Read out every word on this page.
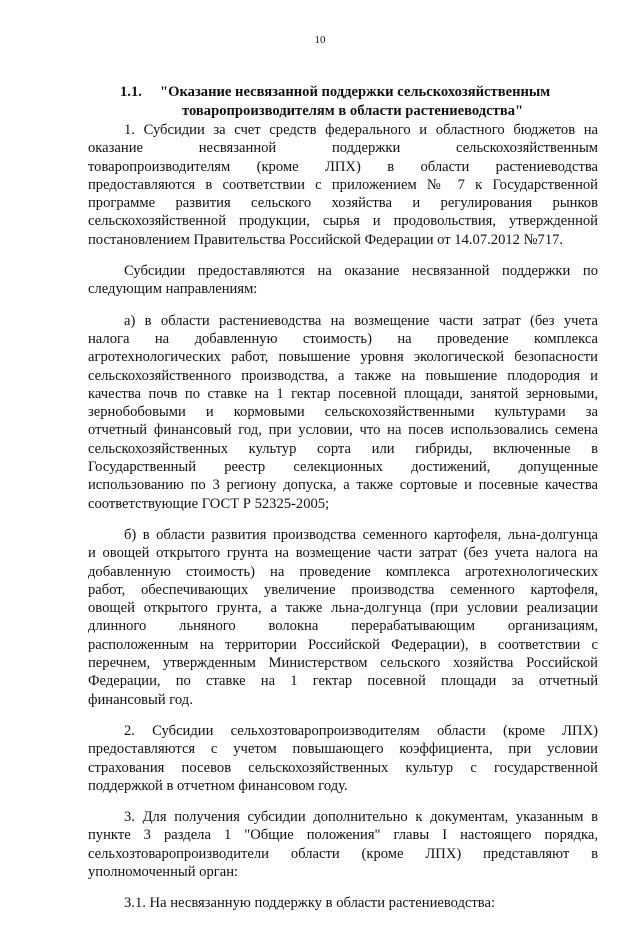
10
1.1. "Оказание несвязанной поддержки сельскохозяйственным
товаропроизводителям в области растениеводства"
1. Субсидии за счет средств федерального и областного бюджетов на
оказание несвязанной поддержки сельскохозяйственным
товаропроизводителям (кроме ЛПХ) в области растениеводства
предоставляются в соответствии с приложением № 7 к Государственной
программе развития сельского хозяйства и регулирования рынков
сельскохозяйственной продукции, сырья и продовольствия, утвержденной
постановлением Правительства Российской Федерации от 14.07.2012 №717.
Субсидии предоставляются на оказание несвязанной поддержки по
следующим направлениям:
а) в области растениеводства на возмещение части затрат (без учета
налога на добавленную стоимость) на проведение комплекса
агротехнологических работ, повышение уровня экологической безопасности
сельскохозяйственного производства, а также на повышение плодородия и
качества почв по ставке на 1 гектар посевной площади, занятой зерновыми,
зернобобовыми и кормовыми сельскохозяйственными культурами за
отчетный финансовый год, при условии, что на посев использовались семена
сельскохозяйственных культур сорта или гибриды, включенные в
Государственный реестр селекционных достижений, допущенные
использованию по 3 региону допуска, а также сортовые и посевные качества
соответствующие ГОСТ Р 52325-2005;
б) в области развития производства семенного картофеля, льна-долгунца
и овощей открытого грунта на возмещение части затрат (без учета налога на
добавленную стоимость) на проведение комплекса агротехнологических
работ, обеспечивающих увеличение производства семенного картофеля,
овощей открытого грунта, а также льна-долгунца (при условии реализации
длинного льняного волокна перерабатывающим организациям,
расположенным на территории Российской Федерации), в соответствии с
перечнем, утвержденным Министерством сельского хозяйства Российской
Федерации, по ставке на 1 гектар посевной площади за отчетный
финансовый год.
2. Субсидии сельхозтоваропроизводителям области (кроме ЛПХ)
предоставляются с учетом повышающего коэффициента, при условии
страхования посевов сельскохозяйственных культур с государственной
поддержкой в отчетном финансовом году.
3. Для получения субсидии дополнительно к документам, указанным в
пункте 3 раздела 1 "Общие положения" главы I настоящего порядка,
сельхозтоваропроизводители области (кроме ЛПХ) представляют в
уполномоченный орган:
3.1. На несвязанную поддержку в области растениеводства:
